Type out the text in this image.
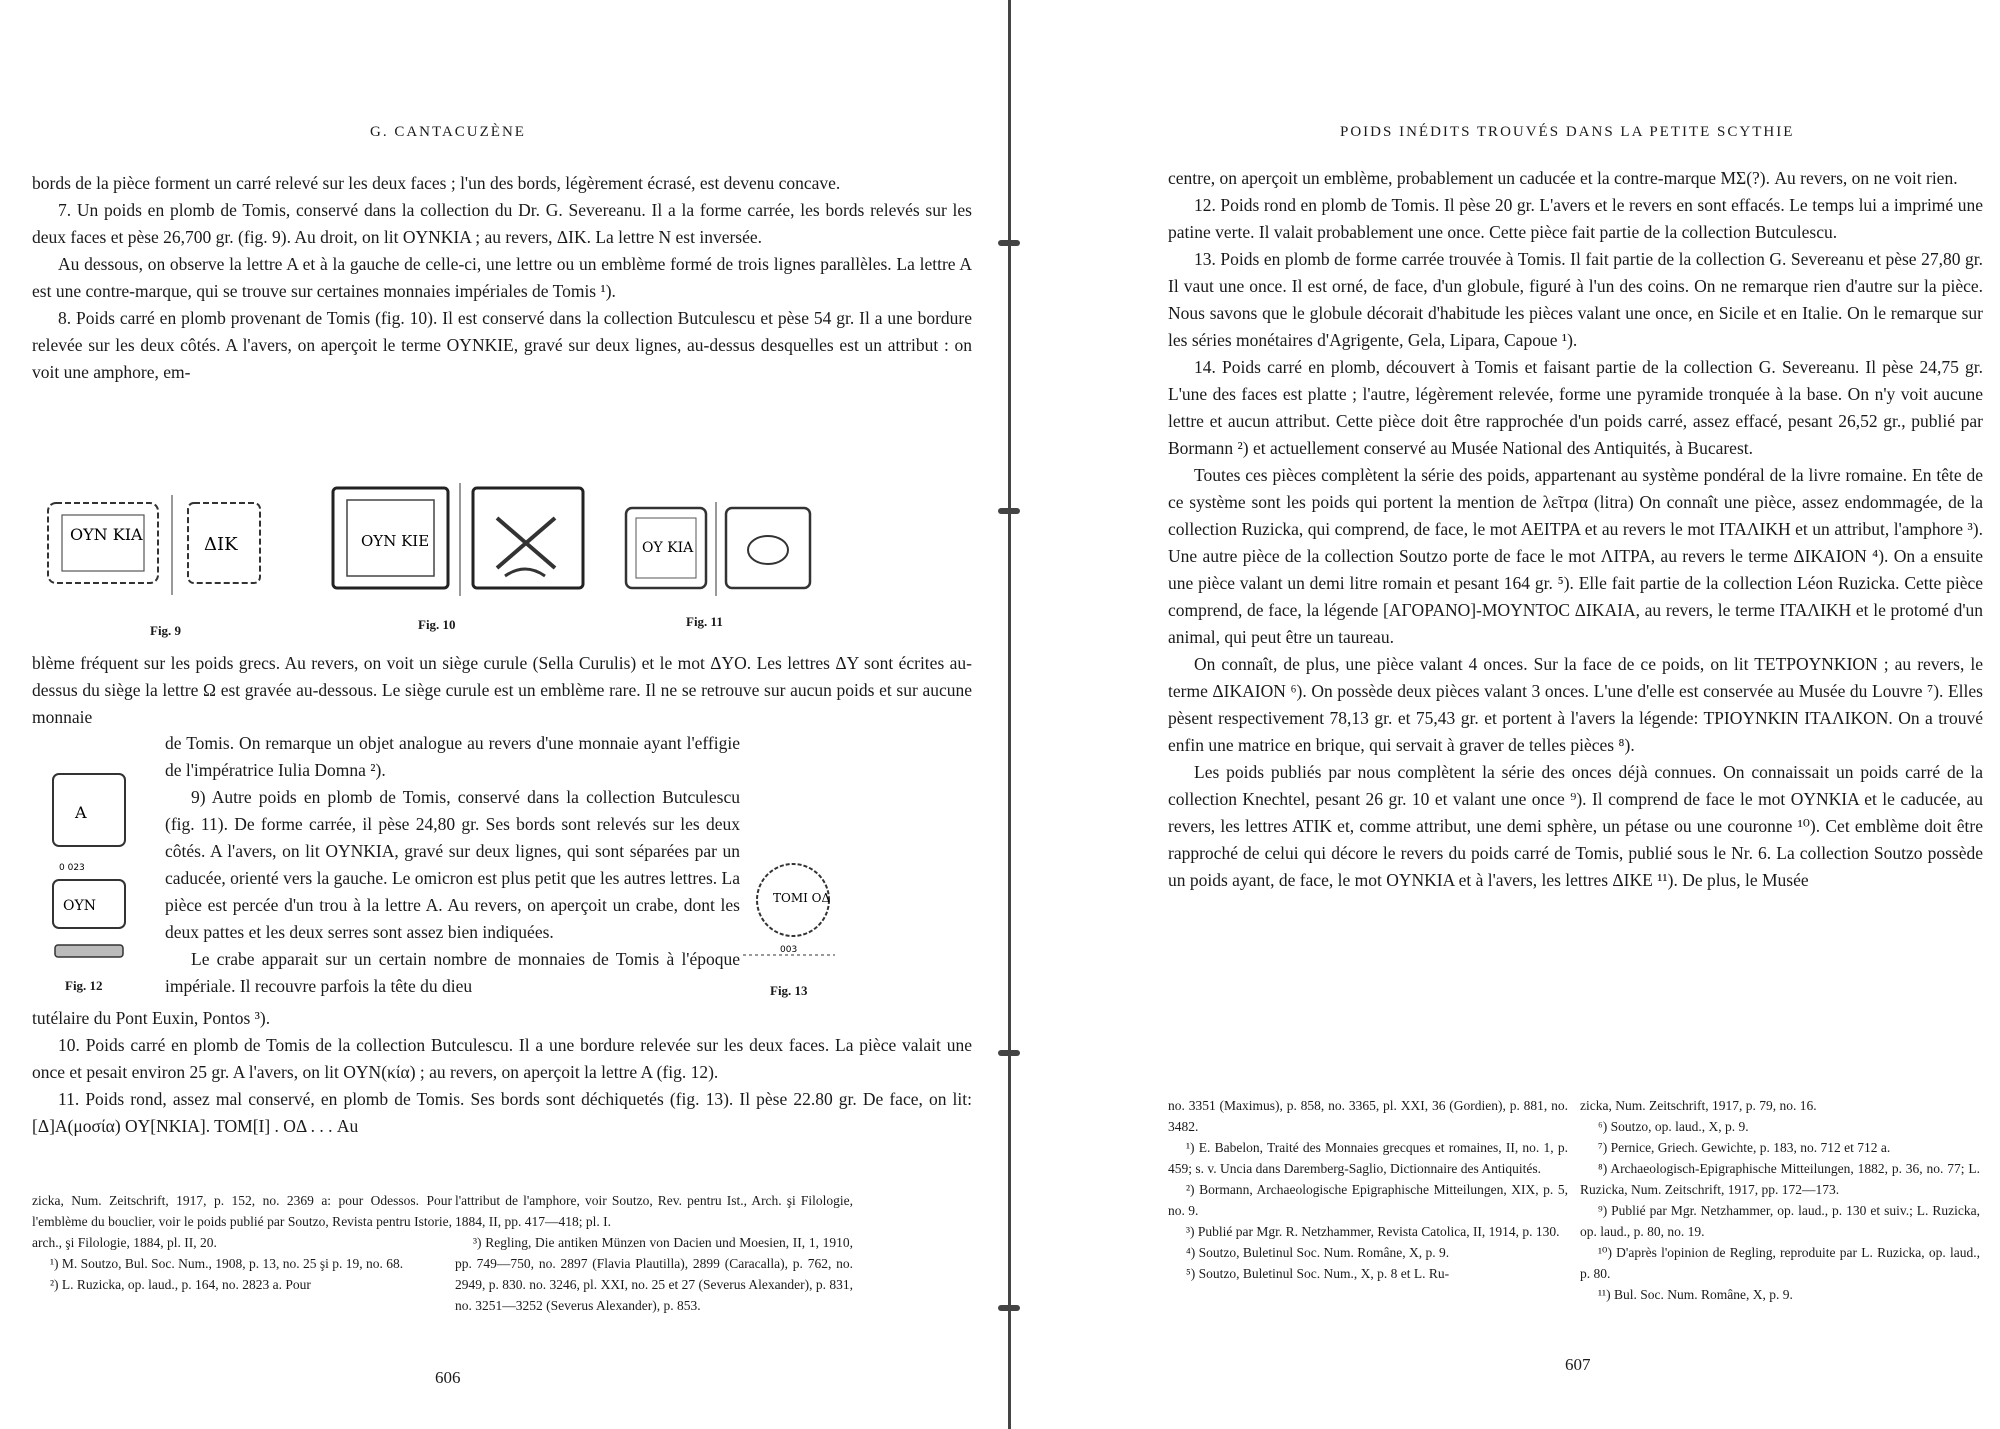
G. CANTACUZÈNE

bords de la pièce forment un carré relevé sur les deux faces ; l'un des bords, légèrement écrasé, est devenu concave.

7. Un poids en plomb de Tomis, conservé dans la collection du Dr. G. Severeanu. Il a la forme carrée, les bords relevés sur les deux faces et pèse 26,700 gr. (fig. 9). Au droit, on lit OYNKIA ; au revers, ΔIK. La lettre N est inversée.

Au dessous, on observe la lettre A et à la gauche de celle-ci, une lettre ou un emblème formé de trois lignes parallèles. La lettre A est une contre-marque, qui se trouve sur certaines monnaies impériales de Tomis ¹).

8. Poids carré en plomb provenant de Tomis (fig. 10). Il est conservé dans la collection Butculescu et pèse 54 gr. Il a une bordure relevée sur les deux côtés. A l'avers, on aperçoit le terme OYNKIE, gravé sur deux lignes, au-dessus desquelles est un attribut : on voit une amphore, em-

OYN KIA	ΔIK
Fig. 9
OYN KIE
Fig. 10
OY KIA
Fig. 11

blème fréquent sur les poids grecs. Au revers, on voit un siège curule (Sella Curulis) et le mot ΔYO. Les lettres ΔY sont écrites au-dessus du siège la lettre Ω est gravée au-dessous. Le siège curule est un emblème rare. Il ne se retrouve sur aucun poids et sur aucune monnaie

A
0 023
OYN
Fig. 12

de Tomis. On remarque un objet analogue au revers d'une monnaie ayant l'effigie de l'impératrice Iulia Domna ²).

9) Autre poids en plomb de Tomis, conservé dans la collection Butculescu (fig. 11). De forme carrée, il pèse 24,80 gr. Ses bords sont relevés sur les deux côtés. A l'avers, on lit OYNKIA, gravé sur deux lignes, qui sont séparées par un caducée, orienté vers la gauche. Le omicron est plus petit que les autres lettres. La pièce est percée d'un trou à la lettre A. Au revers, on aperçoit un crabe, dont les deux pattes et les deux serres sont assez bien indiquées.

Le crabe apparait sur un certain nombre de monnaies de Tomis à l'époque impériale. Il recouvre parfois la tête du dieu

TOMI OΔ
003
Fig. 13

tutélaire du Pont Euxin, Pontos ³).

10. Poids carré en plomb de Tomis de la collection Butculescu. Il a une bordure relevée sur les deux faces. La pièce valait une once et pesait environ 25 gr. A l'avers, on lit OYN(κία) ; au revers, on aperçoit la lettre A (fig. 12).

11. Poids rond, assez mal conservé, en plomb de Tomis. Ses bords sont déchiquetés (fig. 13). Il pèse 22.80 gr. De face, on lit: [Δ]A(μοσία) OY[NKIA]. TOM[I] . OΔ . . . Au

zicka, Num. Zeitschrift, 1917, p. 152, no. 2369 a: pour Odessos. Pour l'emblème du bouclier, voir le poids publié par Soutzo, Revista pentru Istorie, arch., şi Filologie, 1884, pl. II, 20.

¹) M. Soutzo, Bul. Soc. Num., 1908, p. 13, no. 25 şi p. 19, no. 68.

²) L. Ruzicka, op. laud., p. 164, no. 2823 a. Pour

l'attribut de l'amphore, voir Soutzo, Rev. pentru Ist., Arch. şi Filologie, 1884, II, pp. 417—418; pl. I.

³) Regling, Die antiken Münzen von Dacien und Moesien, II, 1, 1910, pp. 749—750, no. 2897 (Flavia Plautilla), 2899 (Caracalla), p. 762, no. 2949, p. 830. no. 3246, pl. XXI, no. 25 et 27 (Severus Alexander), p. 831, no. 3251—3252 (Severus Alexander), p. 853.

606
POIDS INÉDITS TROUVÉS DANS LA PETITE SCYTHIE

centre, on aperçoit un emblème, probablement un caducée et la contre-marque MΣ(?). Au revers, on ne voit rien.

12. Poids rond en plomb de Tomis. Il pèse 20 gr. L'avers et le revers en sont effacés. Le temps lui a imprimé une patine verte. Il valait probablement une once. Cette pièce fait partie de la collection Butculescu.

13. Poids en plomb de forme carrée trouvée à Tomis. Il fait partie de la collection G. Severeanu et pèse 27,80 gr. Il vaut une once. Il est orné, de face, d'un globule, figuré à l'un des coins. On ne remarque rien d'autre sur la pièce. Nous savons que le globule décorait d'habitude les pièces valant une once, en Sicile et en Italie. On le remarque sur les séries monétaires d'Agrigente, Gela, Lipara, Capoue ¹).

14. Poids carré en plomb, découvert à Tomis et faisant partie de la collection G. Severeanu. Il pèse 24,75 gr. L'une des faces est platte ; l'autre, légèrement relevée, forme une pyramide tronquée à la base. On n'y voit aucune lettre et aucun attribut. Cette pièce doit être rapprochée d'un poids carré, assez effacé, pesant 26,52 gr., publié par Bormann ²) et actuellement conservé au Musée National des Antiquités, à Bucarest.

Toutes ces pièces complètent la série des poids, appartenant au système pondéral de la livre romaine. En tête de ce système sont les poids qui portent la mention de λεῖτρα (litra) On connaît une pièce, assez endommagée, de la collection Ruzicka, qui comprend, de face, le mot AEITPA et au revers le mot ITAΛIKH et un attribut, l'amphore ³). Une autre pièce de la collection Soutzo porte de face le mot ΛITPA, au revers le terme ΔIKAION ⁴). On a ensuite une pièce valant un demi litre romain et pesant 164 gr. ⁵). Elle fait partie de la collection Léon Ruzicka. Cette pièce comprend, de face, la légende [AΓOPANO]-MOYNTOC ΔIKAIA, au revers, le terme ITAΛIKH et le protomé d'un animal, qui peut être un taureau.

On connaît, de plus, une pièce valant 4 onces. Sur la face de ce poids, on lit TETPOYNKION ; au revers, le terme ΔIKAION ⁶). On possède deux pièces valant 3 onces. L'une d'elle est conservée au Musée du Louvre ⁷). Elles pèsent respectivement 78,13 gr. et 75,43 gr. et portent à l'avers la légende: TPIOYNKIN ITAΛIKON. On a trouvé enfin une matrice en brique, qui servait à graver de telles pièces ⁸).

Les poids publiés par nous complètent la série des onces déjà connues. On connaissait un poids carré de la collection Knechtel, pesant 26 gr. 10 et valant une once ⁹). Il comprend de face le mot OYNKIA et le caducée, au revers, les lettres ATIK et, comme attribut, une demi sphère, un pétase ou une couronne ¹⁰). Cet emblème doit être rapproché de celui qui décore le revers du poids carré de Tomis, publié sous le Nr. 6. La collection Soutzo possède un poids ayant, de face, le mot OYNKIA et à l'avers, les lettres ΔIKE ¹¹). De plus, le Musée

no. 3351 (Maximus), p. 858, no. 3365, pl. XXI, 36 (Gordien), p. 881, no. 3482.

¹) E. Babelon, Traité des Monnaies grecques et romaines, II, no. 1, p. 459; s. v. Uncia dans Daremberg-Saglio, Dictionnaire des Antiquités.

²) Bormann, Archaeologische Epigraphische Mitteilungen, XIX, p. 5, no. 9.

³) Publié par Mgr. R. Netzhammer, Revista Catolica, II, 1914, p. 130.

⁴) Soutzo, Buletinul Soc. Num. Române, X, p. 9.

⁵) Soutzo, Buletinul Soc. Num., X, p. 8 et L. Ru-

zicka, Num. Zeitschrift, 1917, p. 79, no. 16.

⁶) Soutzo, op. laud., X, p. 9.

⁷) Pernice, Griech. Gewichte, p. 183, no. 712 et 712 a.

⁸) Archaeologisch-Epigraphische Mitteilungen, 1882, p. 36, no. 77; L. Ruzicka, Num. Zeitschrift, 1917, pp. 172—173.

⁹) Publié par Mgr. Netzhammer, op. laud., p. 130 et suiv.; L. Ruzicka, op. laud., p. 80, no. 19.

¹⁰) D'après l'opinion de Regling, reproduite par L. Ruzicka, op. laud., p. 80.

¹¹) Bul. Soc. Num. Române, X, p. 9.

607
